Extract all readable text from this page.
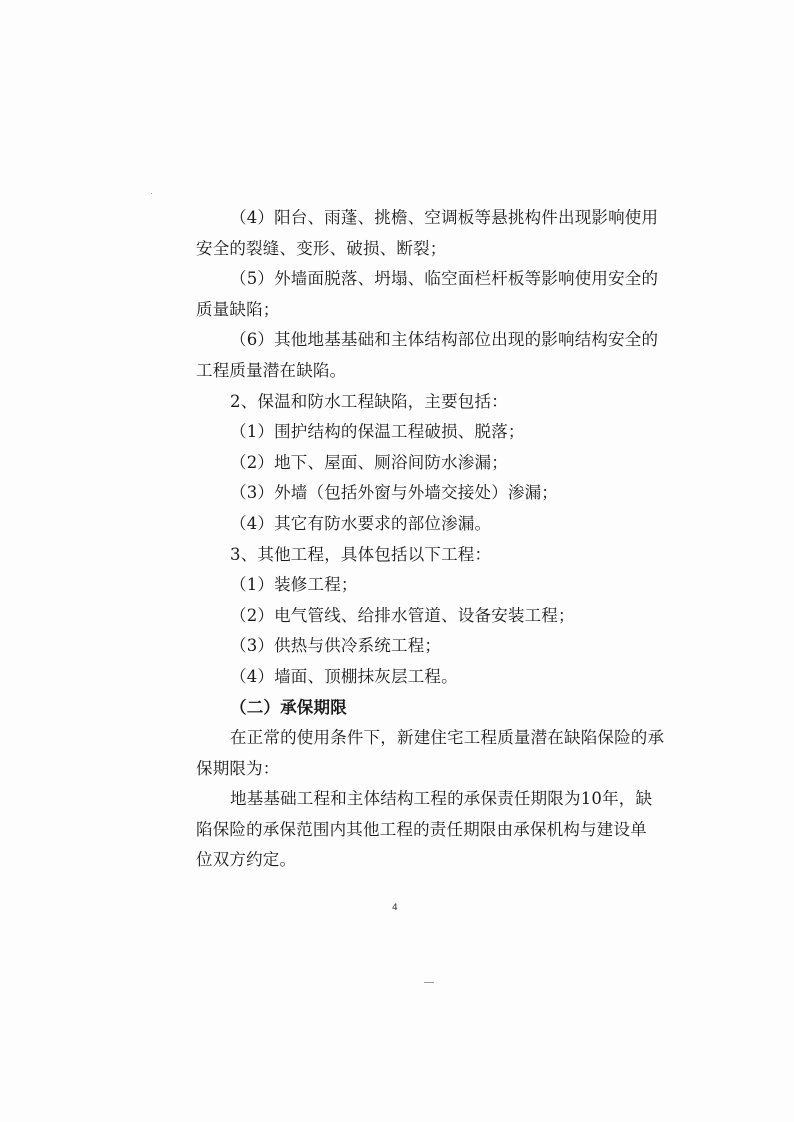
（4）阳台、雨蓬、挑檐、空调板等悬挑构件出现影响使用
安全的裂缝、变形、破损、断裂；
（5）外墙面脱落、坍塌、临空面栏杆板等影响使用安全的
质量缺陷；
（6）其他地基基础和主体结构部位出现的影响结构安全的
工程质量潜在缺陷。
2、保温和防水工程缺陷，主要包括：
（1）围护结构的保温工程破损、脱落；
（2）地下、屋面、厕浴间防水渗漏；
（3）外墙（包括外窗与外墙交接处）渗漏；
（4）其它有防水要求的部位渗漏。
3、其他工程，具体包括以下工程：
（1）装修工程；
（2）电气管线、给排水管道、设备安装工程；
（3）供热与供冷系统工程；
（4）墙面、顶棚抹灰层工程。
（二）承保期限
在正常的使用条件下，新建住宅工程质量潜在缺陷保险的承
保期限为：
地基基础工程和主体结构工程的承保责任期限为10年，缺
陷保险的承保范围内其他工程的责任期限由承保机构与建设单
位双方约定。
4
